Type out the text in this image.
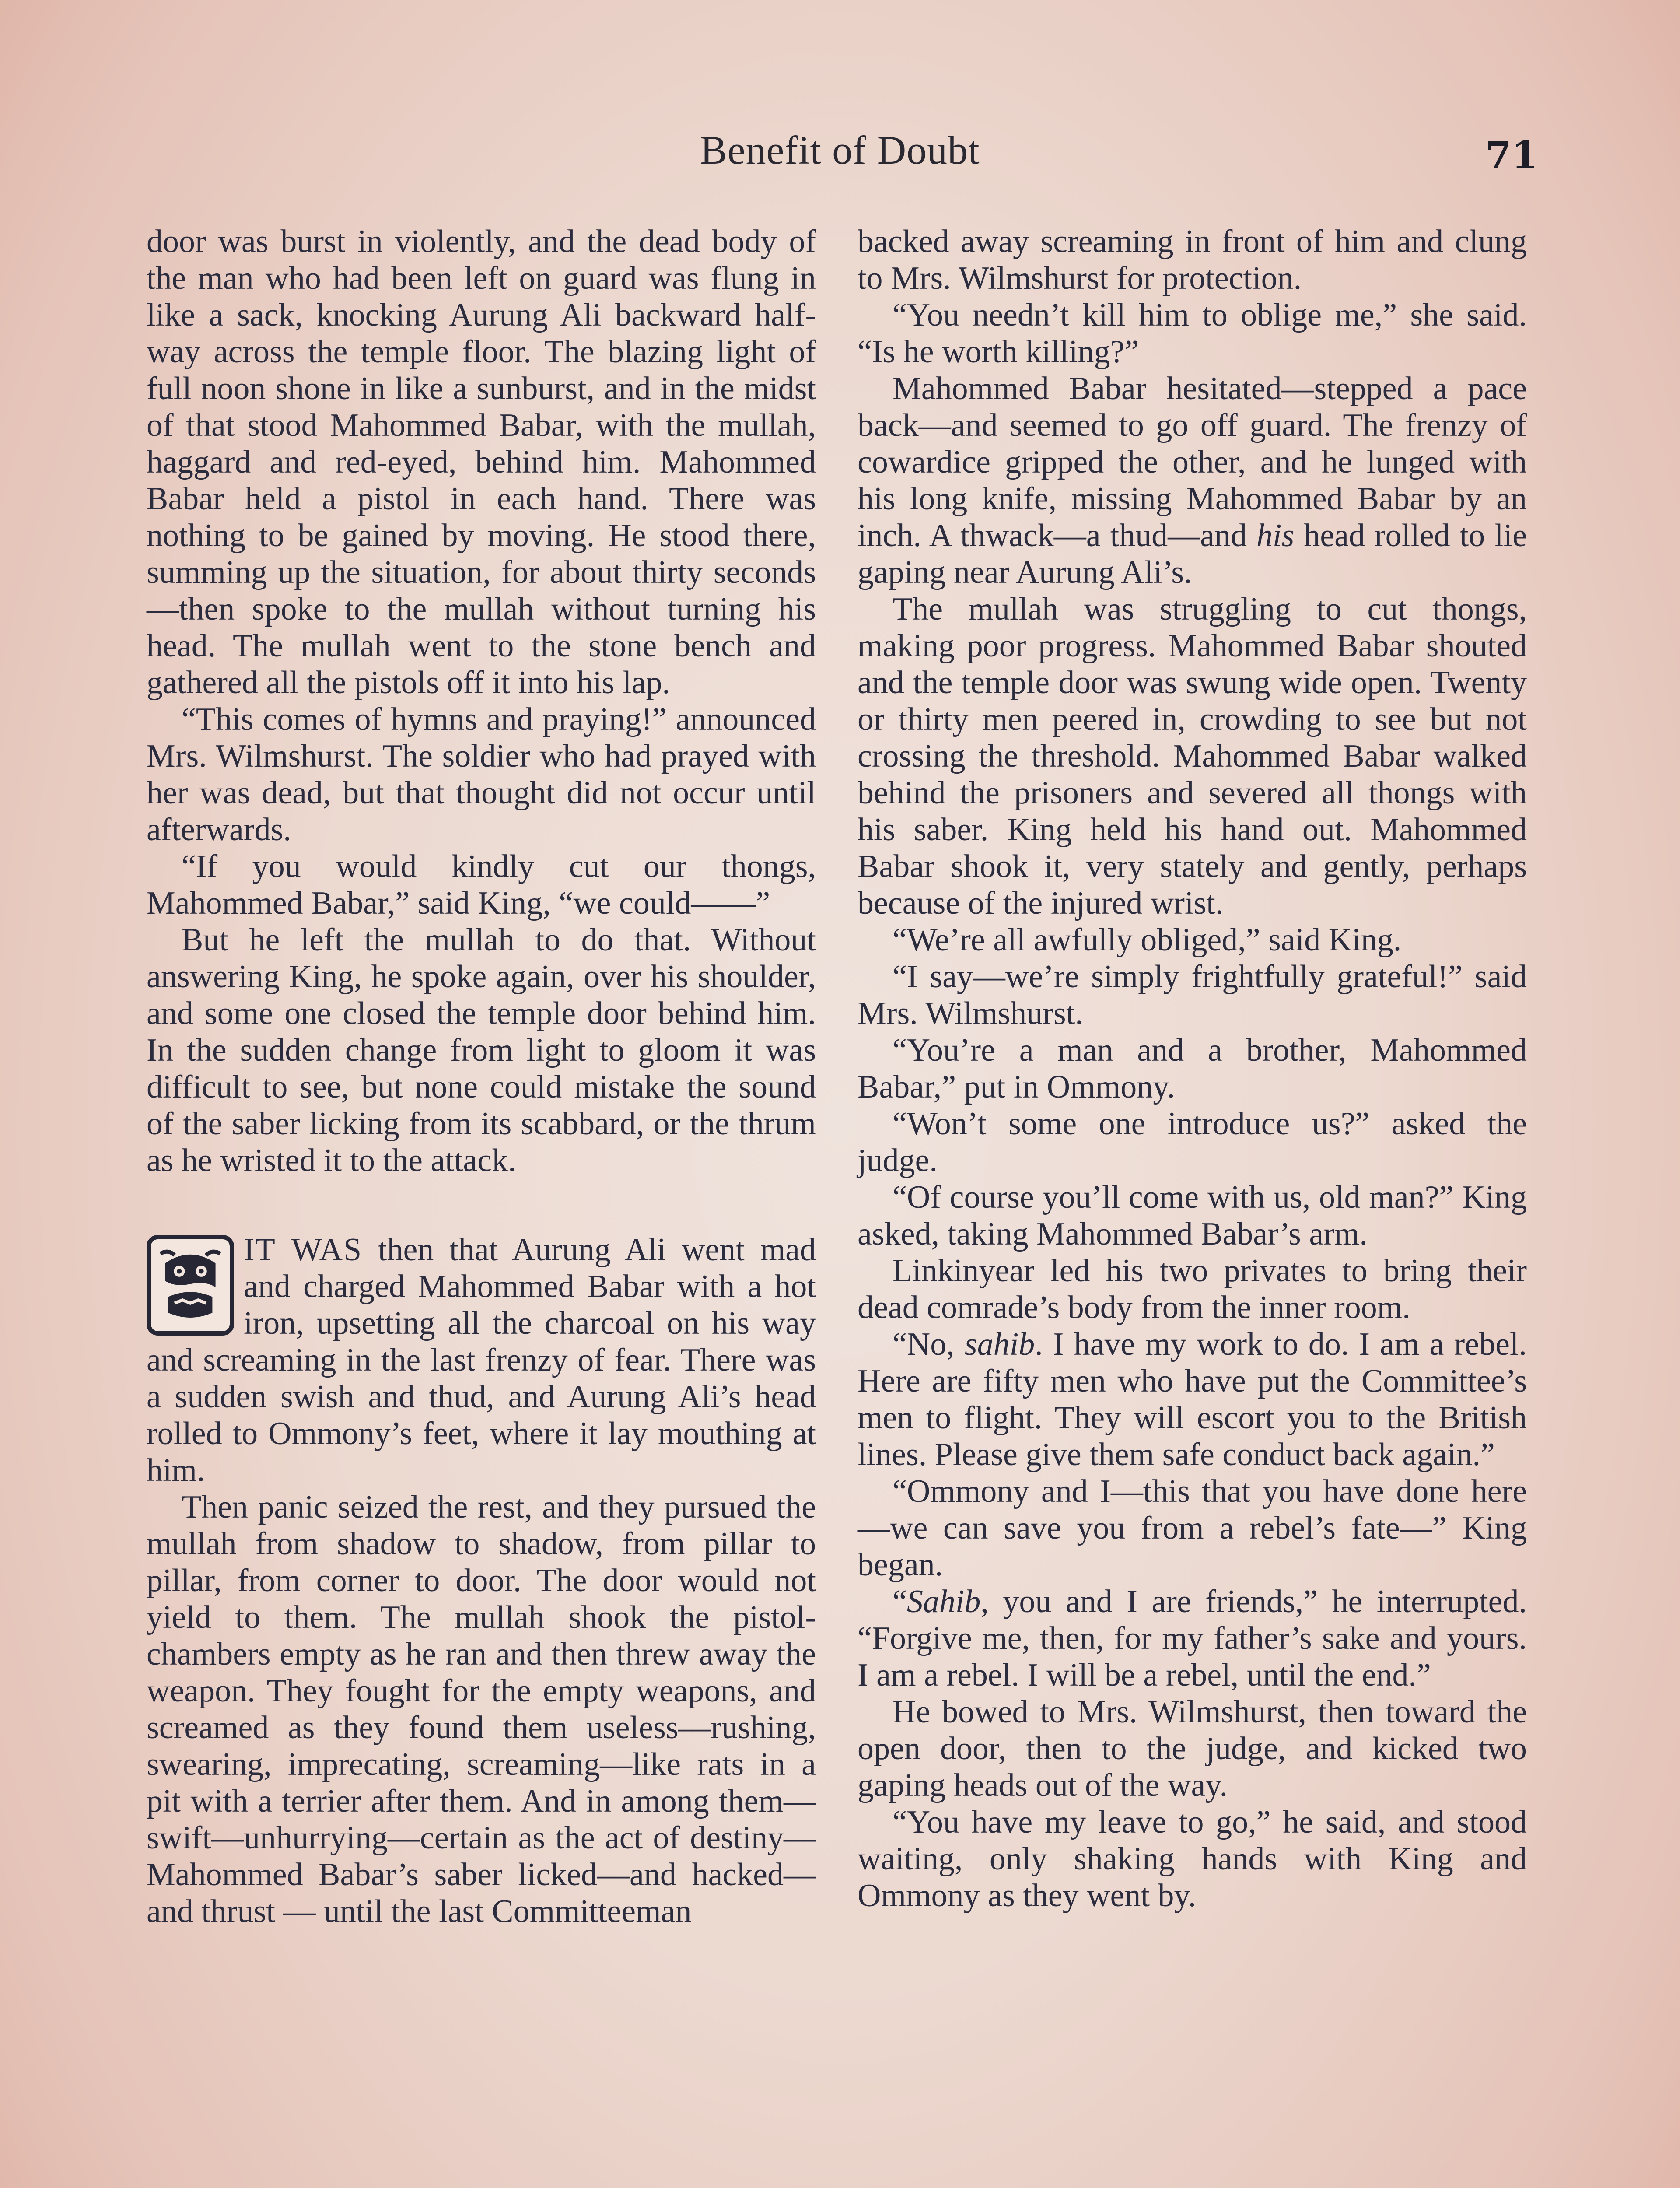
Benefit of Doubt	71

door was burst in violently, and the dead body of the man who had been left on guard was flung in like a sack, knocking Aurung Ali backward half-way across the temple floor. The blazing light of full noon shone in like a sunburst, and in the midst of that stood Mahommed Babar, with the mullah, haggard and red-eyed, behind him. Mahommed Babar held a pistol in each hand. There was nothing to be gained by moving. He stood there, summing up the situation, for about thirty seconds—then spoke to the mullah without turning his head. The mullah went to the stone bench and gathered all the pistols off it into his lap.

“This comes of hymns and praying!” announced Mrs. Wilmshurst. The soldier who had prayed with her was dead, but that thought did not occur until afterwards.

“If you would kindly cut our thongs, Mahommed Babar,” said King, “we could——”

But he left the mullah to do that. Without answering King, he spoke again, over his shoulder, and some one closed the temple door behind him. In the sudden change from light to gloom it was difficult to see, but none could mistake the sound of the saber licking from its scabbard, or the thrum as he wristed it to the attack.

IT WAS then that Aurung Ali went mad and charged Mahommed Babar with a hot iron, upsetting all the charcoal on his way and screaming in the last frenzy of fear. There was a sudden swish and thud, and Aurung Ali’s head rolled to Ommony’s feet, where it lay mouthing at him.

Then panic seized the rest, and they pursued the mullah from shadow to shadow, from pillar to pillar, from corner to door. The door would not yield to them. The mullah shook the pistol-chambers empty as he ran and then threw away the weapon. They fought for the empty weapons, and screamed as they found them useless—rushing, swearing, imprecating, screaming—like rats in a pit with a terrier after them. And in among them—swift—unhurrying—certain as the act of destiny—Mahommed Babar’s saber licked—and hacked—and thrust — until the last Committeeman

backed away screaming in front of him and clung to Mrs. Wilmshurst for protection.

“You needn’t kill him to oblige me,” she said. “Is he worth killing?”

Mahommed Babar hesitated—stepped a pace back—and seemed to go off guard. The frenzy of cowardice gripped the other, and he lunged with his long knife, missing Mahommed Babar by an inch. A thwack—a thud—and his head rolled to lie gaping near Aurung Ali’s.

The mullah was struggling to cut thongs, making poor progress. Mahommed Babar shouted and the temple door was swung wide open. Twenty or thirty men peered in, crowding to see but not crossing the threshold. Mahommed Babar walked behind the prisoners and severed all thongs with his saber. King held his hand out. Mahommed Babar shook it, very stately and gently, perhaps because of the injured wrist.

“We’re all awfully obliged,” said King.

“I say—we’re simply frightfully grateful!” said Mrs. Wilmshurst.

“You’re a man and a brother, Mahommed Babar,” put in Ommony.

“Won’t some one introduce us?” asked the judge.

“Of course you’ll come with us, old man?” King asked, taking Mahommed Babar’s arm.

Linkinyear led his two privates to bring their dead comrade’s body from the inner room.

“No, sahib. I have my work to do. I am a rebel. Here are fifty men who have put the Committee’s men to flight. They will escort you to the British lines. Please give them safe conduct back again.”

“Ommony and I—this that you have done here—we can save you from a rebel’s fate—” King began.

“Sahib, you and I are friends,” he interrupted. “Forgive me, then, for my father’s sake and yours. I am a rebel. I will be a rebel, until the end.”

He bowed to Mrs. Wilmshurst, then toward the open door, then to the judge, and kicked two gaping heads out of the way.

“You have my leave to go,” he said, and stood waiting, only shaking hands with King and Ommony as they went by.
